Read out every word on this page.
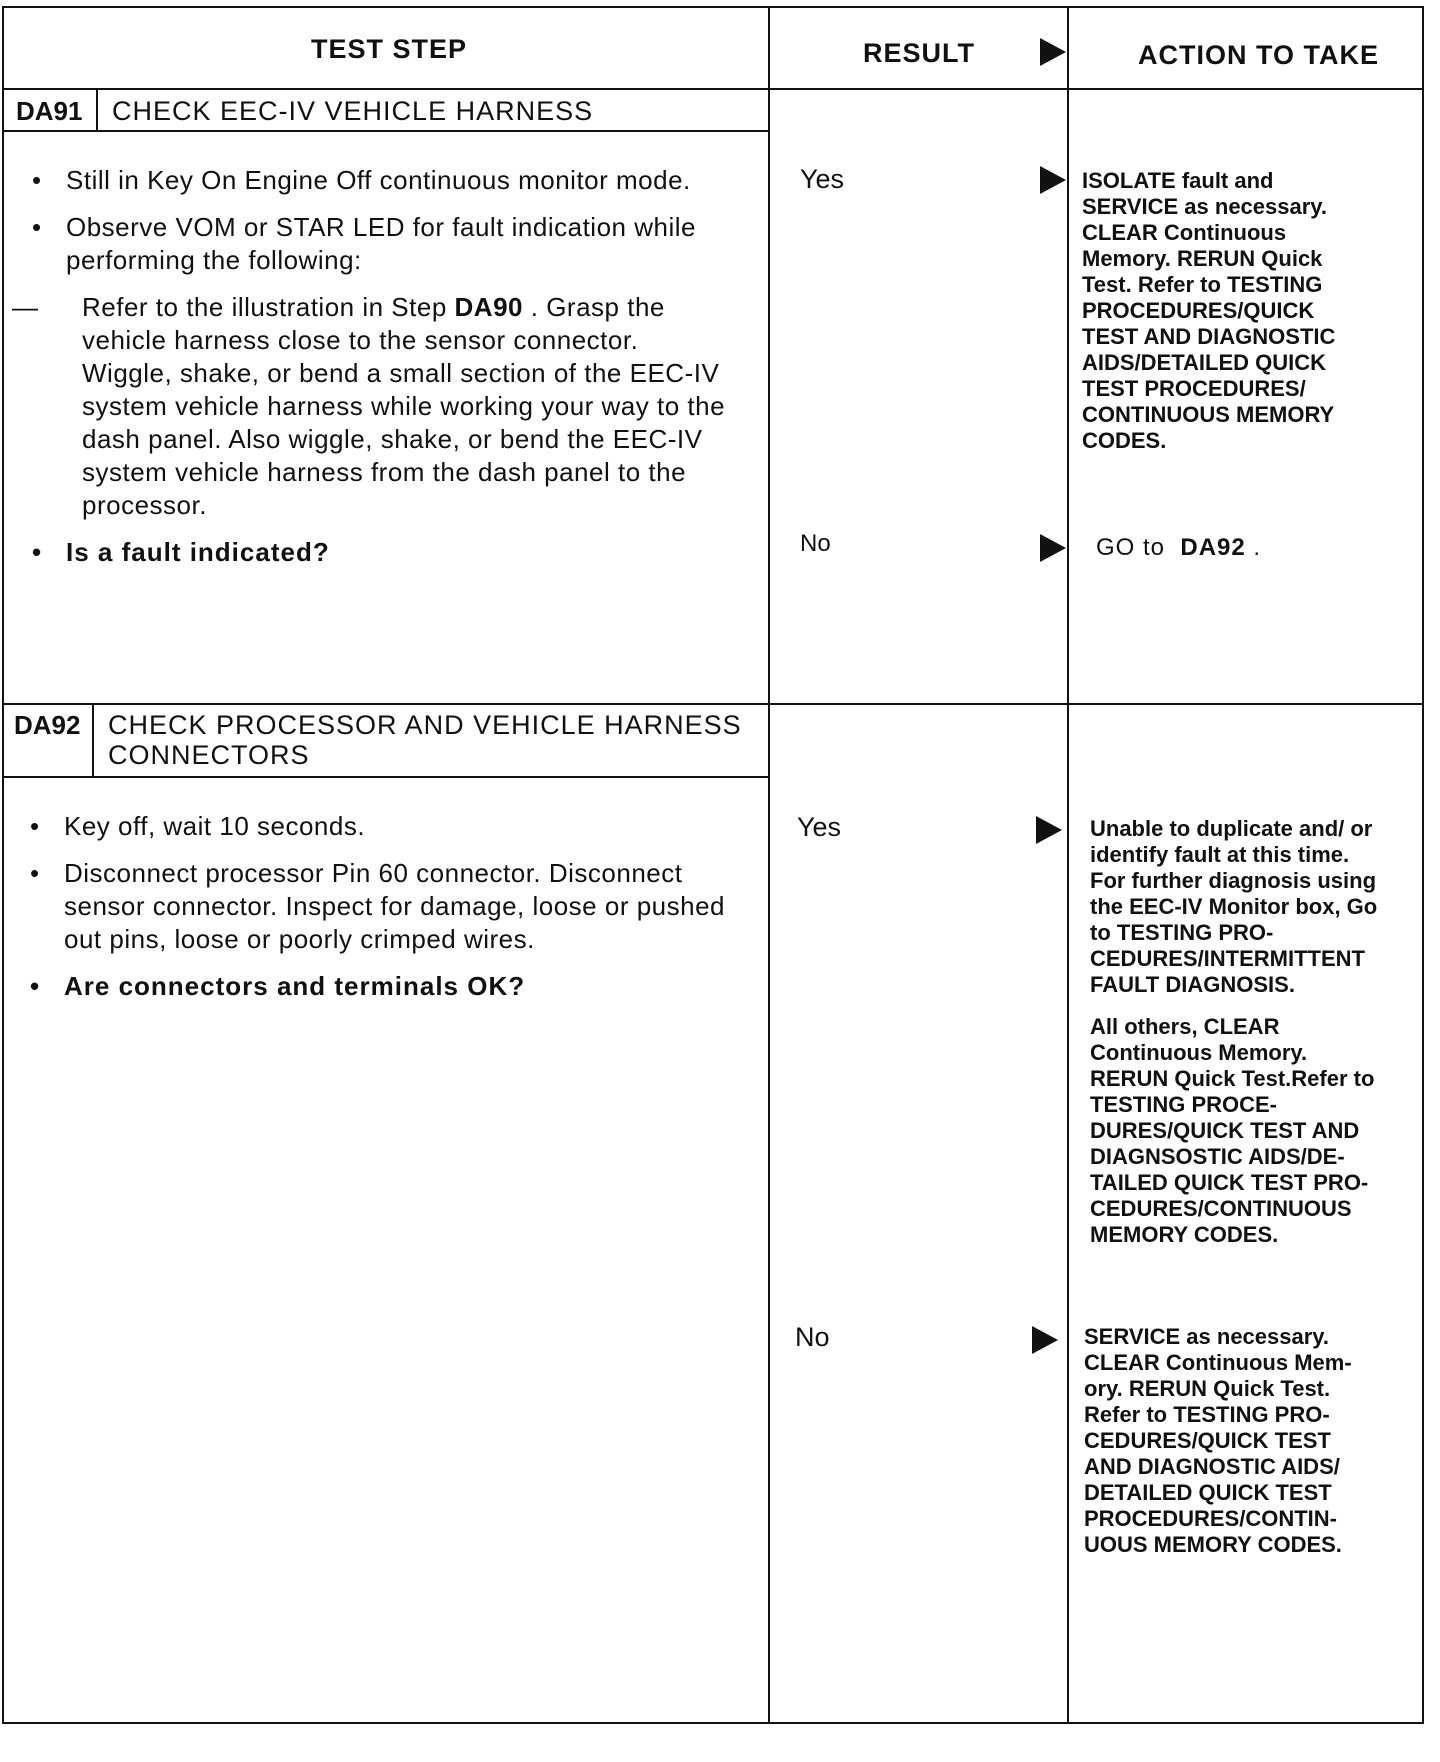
TEST STEP	RESULT	ACTION TO TAKE
DA91 CHECK EEC-IV VEHICLE HARNESS
• Still in Key On Engine Off continuous monitor mode.
• Observe VOM or STAR LED for fault indication while performing the following:
— Refer to the illustration in Step DA90 . Grasp the vehicle harness close to the sensor connector. Wiggle, shake, or bend a small section of the EEC-IV system vehicle harness while working your way to the dash panel. Also wiggle, shake, or bend the EEC-IV system vehicle harness from the dash panel to the processor.
• Is a fault indicated?
Yes	ISOLATE fault and SERVICE as necessary. CLEAR Continuous Memory. RERUN Quick Test. Refer to TESTING PROCEDURES/QUICK TEST AND DIAGNOSTIC AIDS/DETAILED QUICK TEST PROCEDURES/ CONTINUOUS MEMORY CODES.
No	GO to DA92 .
DA92 CHECK PROCESSOR AND VEHICLE HARNESS CONNECTORS
• Key off, wait 10 seconds.
• Disconnect processor Pin 60 connector. Disconnect sensor connector. Inspect for damage, loose or pushed out pins, loose or poorly crimped wires.
• Are connectors and terminals OK?
Yes	Unable to duplicate and/ or identify fault at this time. For further diagnosis using the EEC-IV Monitor box, Go to TESTING PRO- CEDURES/INTERMITTENT FAULT DIAGNOSIS.

All others, CLEAR Continuous Memory. RERUN Quick Test.Refer to TESTING PROCE- DURES/QUICK TEST AND DIAGNSOSTIC AIDS/DE- TAILED QUICK TEST PRO- CEDURES/CONTINUOUS MEMORY CODES.

No	SERVICE as necessary. CLEAR Continuous Mem- ory. RERUN Quick Test. Refer to TESTING PRO- CEDURES/QUICK TEST AND DIAGNOSTIC AIDS/ DETAILED QUICK TEST PROCEDURES/CONTIN- UOUS MEMORY CODES.
